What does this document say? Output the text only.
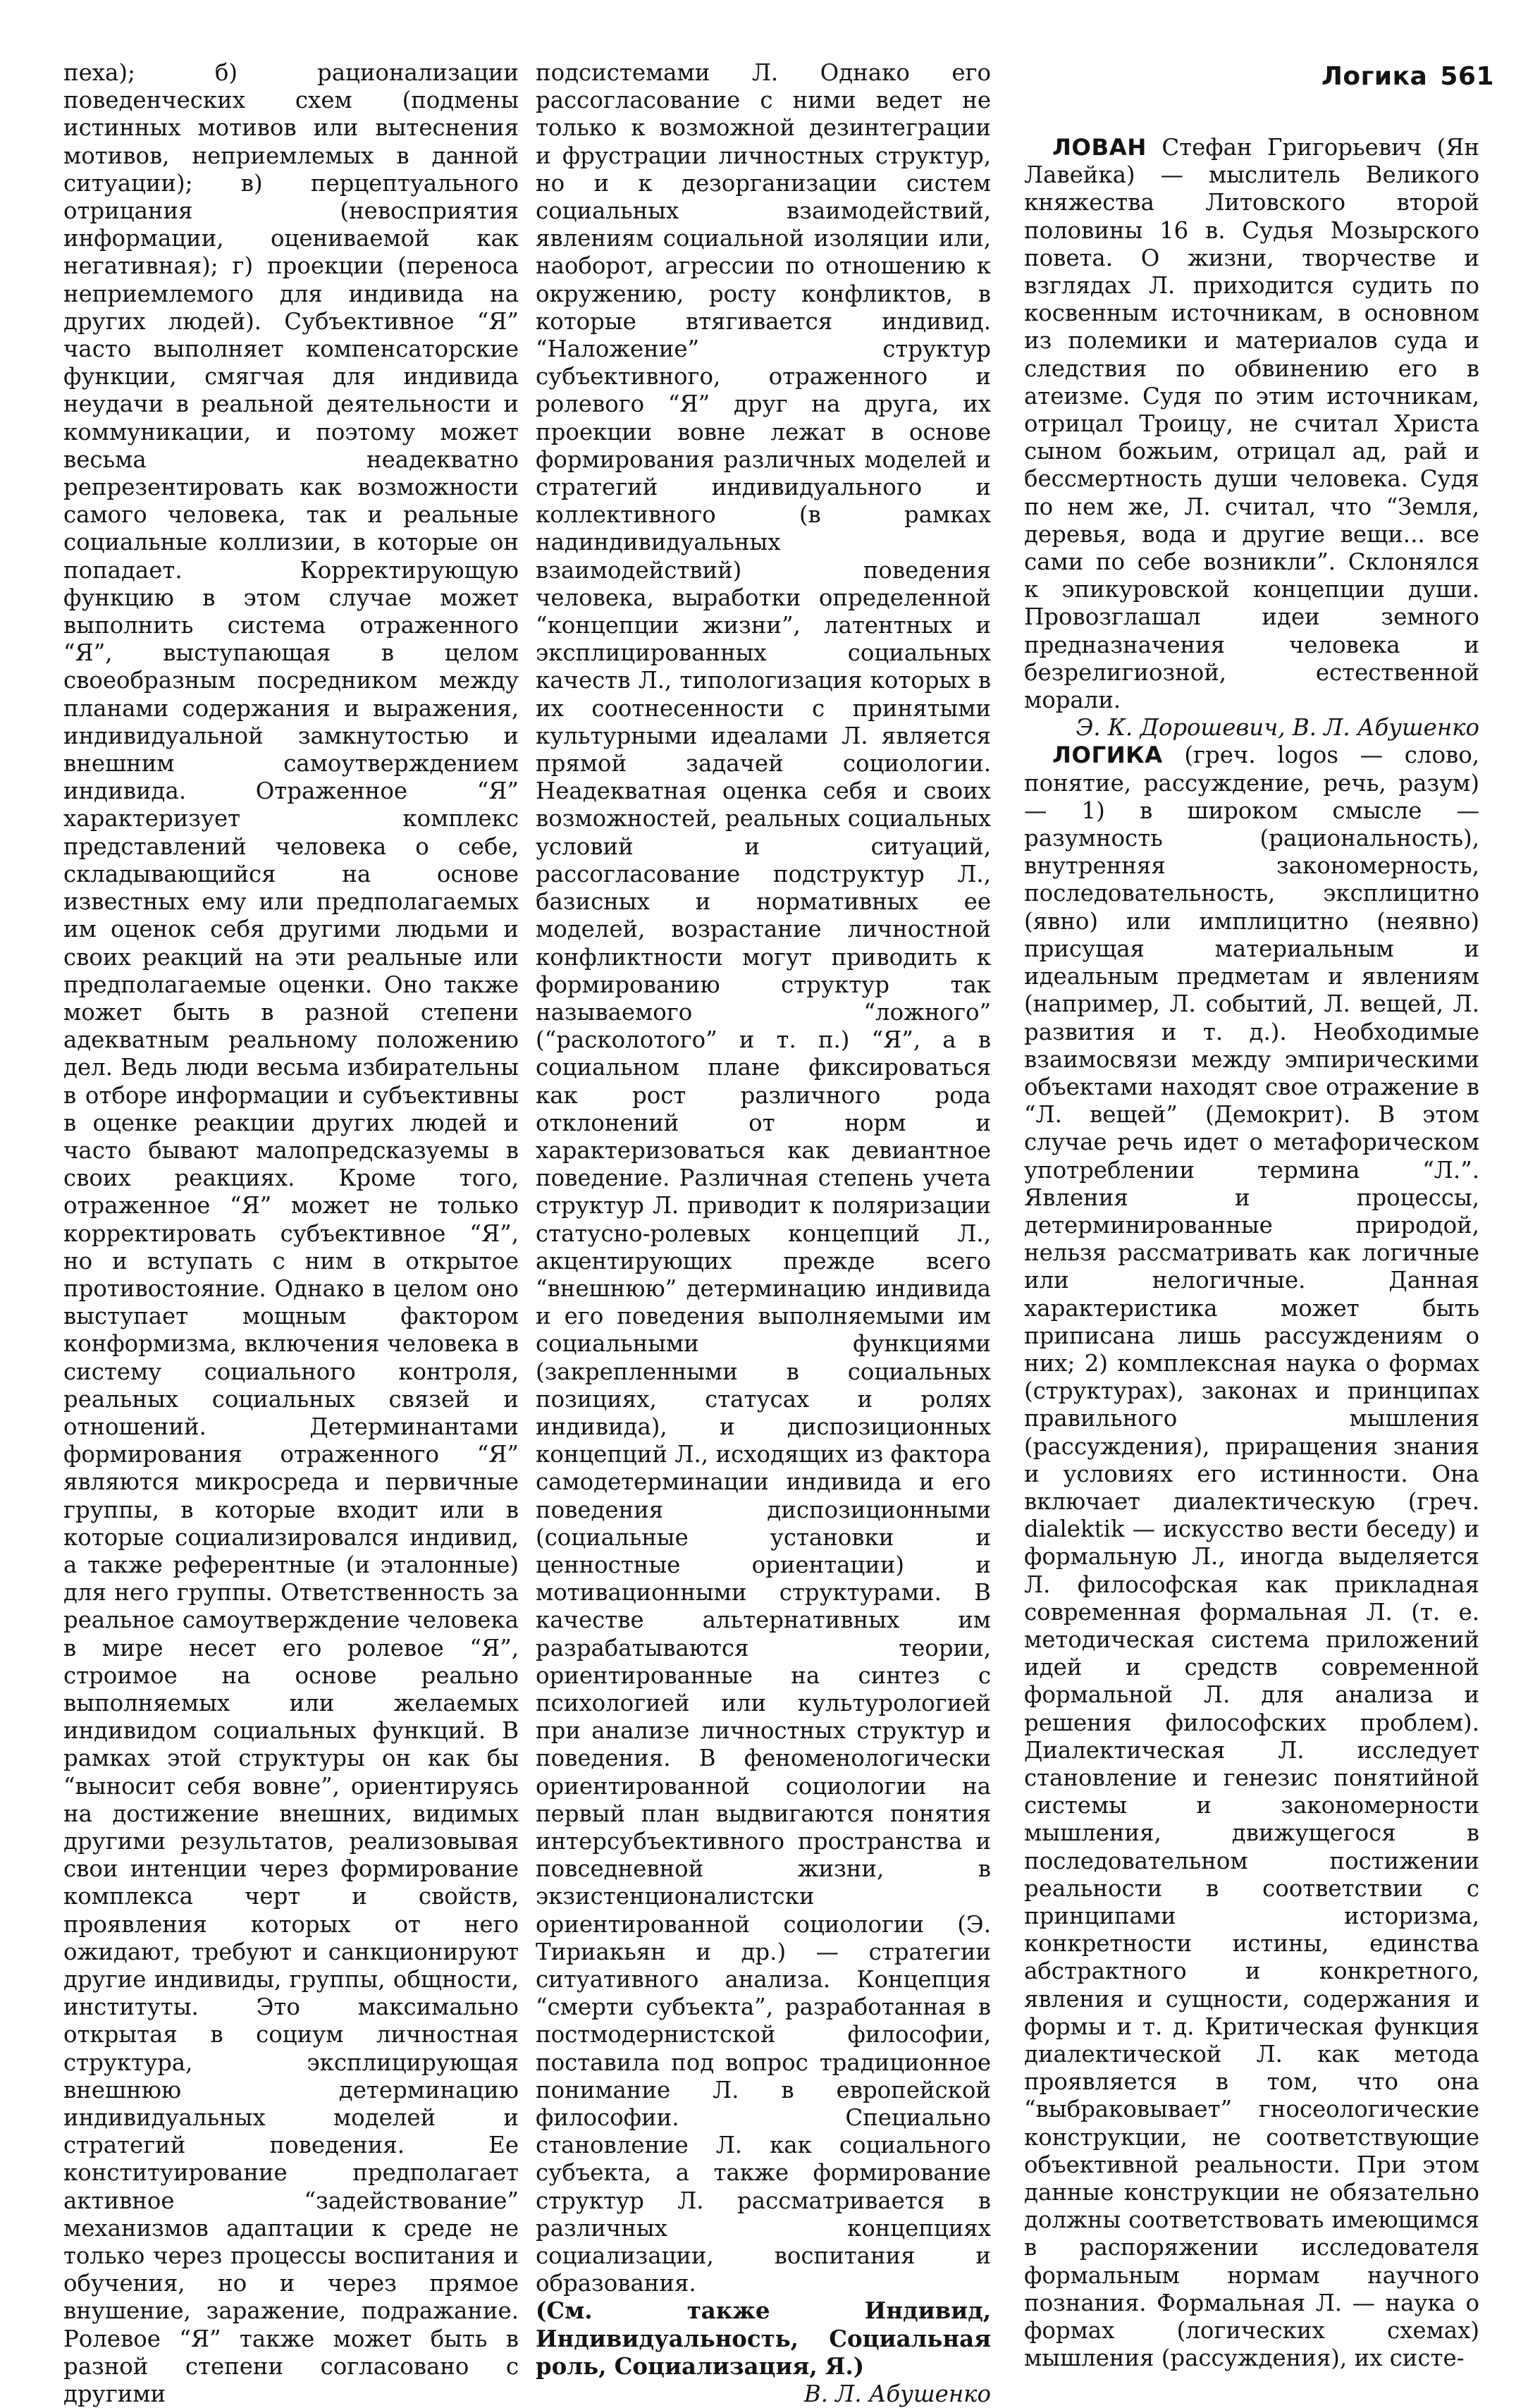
Логика 561

пеха); б) рационализации поведенческих схем (подмены истинных мотивов или вытеснения мотивов, неприемлемых в данной ситуации); в) перцептуального отрицания (невосприятия информации, оцениваемой как негативная); г) проекции (переноса неприемлемого для индивида на других людей). Субъективное “Я” часто выполняет компенсаторские функции, смягчая для индивида неудачи в реальной деятельности и коммуникации, и поэтому может весьма неадекватно репрезентировать как возможности самого человека, так и реальные социальные коллизии, в которые он попадает. Корректирующую функцию в этом случае может выполнить система отраженного “Я”, выступающая в целом своеобразным посредником между планами содержания и выражения, индивидуальной замкнутостью и внешним самоутверждением индивида. Отраженное “Я” характеризует комплекс представлений человека о себе, складывающийся на основе известных ему или предполагаемых им оценок себя другими людьми и своих реакций на эти реальные или предполагаемые оценки. Оно также может быть в разной степени адекватным реальному положению дел. Ведь люди весьма избирательны в отборе информации и субъективны в оценке реакции других людей и часто бывают малопредсказуемы в своих реакциях. Кроме того, отраженное “Я” может не только корректировать субъективное “Я”, но и вступать с ним в открытое противостояние. Однако в целом оно выступает мощным фактором конформизма, включения человека в систему социального контроля, реальных социальных связей и отношений. Детерминантами формирования отраженного “Я” являются микросреда и первичные группы, в которые входит или в которые социализировался индивид, а также референтные (и эталонные) для него группы. Ответственность за реальное самоутверждение человека в мире несет его ролевое “Я”, строимое на основе реально выполняемых или желаемых индивидом социальных функций. В рамках этой структуры он как бы “выносит себя вовне”, ориентируясь на достижение внешних, видимых другими результатов, реализовывая свои интенции через формирование комплекса черт и свойств, проявления которых от него ожидают, требуют и санкционируют другие индивиды, группы, общности, институты. Это максимально открытая в социум личностная структура, эксплицирующая внешнюю детерминацию индивидуальных моделей и стратегий поведения. Ее конституирование предполагает активное “задействование” механизмов адаптации к среде не только через процессы воспитания и обучения, но и через прямое внушение, заражение, подражание. Ролевое “Я” также может быть в разной степени согласовано с другими

подсистемами Л. Однако его рассогласование с ними ведет не только к возможной дезинтеграции и фрустрации личностных структур, но и к дезорганизации систем социальных взаимодействий, явлениям социальной изоляции или, наоборот, агрессии по отношению к окружению, росту конфликтов, в которые втягивается индивид. “Наложение” структур субъективного, отраженного и ролевого “Я” друг на друга, их проекции вовне лежат в основе формирования различных моделей и стратегий индивидуального и коллективного (в рамках надиндивидуальных взаимодействий) поведения человека, выработки определенной “концепции жизни”, латентных и эксплицированных социальных качеств Л., типологизация которых в их соотнесенности с принятыми культурными идеалами Л. является прямой задачей социологии. Неадекватная оценка себя и своих возможностей, реальных социальных условий и ситуаций, рассогласование подструктур Л., базисных и нормативных ее моделей, возрастание личностной конфликтности могут приводить к формированию структур так называемого “ложного” (“расколотого” и т. п.) “Я”, а в социальном плане фиксироваться как рост различного рода отклонений от норм и характеризоваться как девиантное поведение. Различная степень учета структур Л. приводит к поляризации статусно-ролевых концепций Л., акцентирующих прежде всего “внешнюю” детерминацию индивида и его поведения выполняемыми им социальными функциями (закрепленными в социальных позициях, статусах и ролях индивида), и диспозиционных концепций Л., исходящих из фактора самодетерминации индивида и его поведения диспозиционными (социальные установки и ценностные ориентации) и мотивационными структурами. В качестве альтернативных им разрабатываются теории, ориентированные на синтез с психологией или культурологией при анализе личностных структур и поведения. В феноменологически ориентированной социологии на первый план выдвигаются понятия интерсубъективного пространства и повседневной жизни, в экзистенционалистски ориентированной социологии (Э. Тириакьян и др.) — стратегии ситуативного анализа. Концепция “смерти субъекта”, разработанная в постмодернистской философии, поставила под вопрос традиционное понимание Л. в европейской философии. Специально становление Л. как социального субъекта, а также формирование структур Л. рассматривается в различных концепциях социализации, воспитания и образования.

(См. также Индивид, Индивидуальность, Социальная роль, Социализация, Я.)

В. Л. Абушенко

ЛОВАН Стефан Григорьевич (Ян Лавейка) — мыслитель Великого княжества Литовского второй половины 16 в. Судья Мозырского повета. О жизни, творчестве и взглядах Л. приходится судить по косвенным источникам, в основном из полемики и материалов суда и следствия по обвинению его в атеизме. Судя по этим источникам, отрицал Троицу, не считал Христа сыном божьим, отрицал ад, рай и бессмертность души человека. Судя по нем же, Л. считал, что “Земля, деревья, вода и другие вещи... все сами по себе возникли”. Склонялся к эпикуровской концепции души. Провозглашал идеи земного предназначения человека и безрелигиозной, естественной морали.

Э. К. Дорошевич, В. Л. Абушенко

ЛОГИКА (греч. logos — слово, понятие, рассуждение, речь, разум) — 1) в широком смысле — разумность (рациональность), внутренняя закономерность, последовательность, эксплицитно (явно) или имплицитно (неявно) присущая материальным и идеальным предметам и явлениям (например, Л. событий, Л. вещей, Л. развития и т. д.). Необходимые взаимосвязи между эмпирическими объектами находят свое отражение в “Л. вещей” (Демокрит). В этом случае речь идет о метафорическом употреблении термина “Л.”. Явления и процессы, детерминированные природой, нельзя рассматривать как логичные или нелогичные. Данная характеристика может быть приписана лишь рассуждениям о них; 2) комплексная наука о формах (структурах), законах и принципах правильного мышления (рассуждения), приращения знания и условиях его истинности. Она включает диалектическую (греч. dialektik — искусство вести беседу) и формальную Л., иногда выделяется Л. философская как прикладная современная формальная Л. (т. е. методическая система приложений идей и средств современной формальной Л. для анализа и решения философских проблем). Диалектическая Л. исследует становление и генезис понятийной системы и закономерности мышления, движущегося в последовательном постижении реальности в соответствии с принципами историзма, конкретности истины, единства абстрактного и конкретного, явления и сущности, содержания и формы и т. д. Критическая функция диалектической Л. как метода проявляется в том, что она “выбраковывает” гносеологические конструкции, не соответствующие объективной реальности. При этом данные конструкции не обязательно должны соответствовать имеющимся в распоряжении исследователя формальным нормам научного познания. Формальная Л. — наука о формах (логических схемах) мышления (рассуждения), их систе-
